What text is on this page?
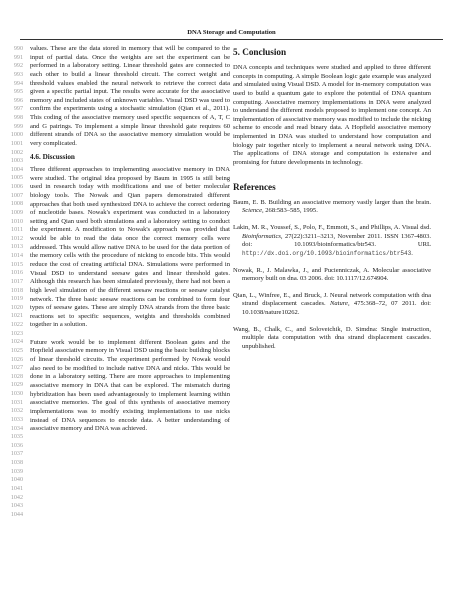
DNA Storage and Computation
990
991
992
993
994
995
996
997
998
999
1000
1001
1002
1003
1004
1005
1006
1007
1008
1009
1010
1011
1012
1013
1014
1015
1016
1017
1018
1019
1020
1021
1022
1023
1024
1025
1026
1027
1028
1029
1030
1031
1032
1033
1034
1035
1036
1037
1038
1039
1040
1041
1042
1043
1044

values. These are the data stored in memory that will be compared to the input of partial data. Once the weights are set the experiment can be performed in a laboratory setting. Linear threshold gates are connected to each other to build a linear threshold circuit. The correct weight and threshold values enabled the neural network to retrieve the correct data given a specific partial input. The results were accurate for the associative memory and included states of unknown variables. Visual DSD was used to confirm the experiments using a stochastic simulation (Qian et al., 2011). This coding of the associative memory used specific sequences of A, T, C and G pairings. To implement a simple linear threshold gate requires 60 different strands of DNA so the associative memory simulation would be very complicated.

4.6. Discussion

Three different approaches to implementing associative memory in DNA were studied. The original idea proposed by Baum in 1995 is still being used in research today with modifications and use of better molecular biology tools. The Nowak and Qian papers demonstrated different approaches that both used synthesized DNA to achieve the correct ordering of nucleotide bases. Nowak's experiment was conducted in a laboratory setting and Qian used both simulations and a laboratory setting to conduct the experiment. A modification to Nowak's approach was provided that would be able to read the data once the correct memory cells were addressed. This would allow native DNA to be used for the data portion of the memory cells with the procedure of nicking to encode bits. This would reduce the cost of creating artificial DNA. Simulations were performed in Visual DSD to understand seesaw gates and linear threshold gates. Although this research has been simulated previously, there had not been a high level simulation of the different seesaw reactions or seesaw catalyst network. The three basic seesaw reactions can be combined to form four types of seesaw gates. These are simply DNA strands from the three basic reactions set to specific sequences, weights and thresholds combined together in a solution.

Future work would be to implement different Boolean gates and the Hopfield associative memory in Visual DSD using the basic building blocks of linear threshold circuits. The experiment performed by Nowak would also need to be modified to include native DNA and nicks. This would be done in a laboratory setting. There are more approaches to implementing associative memory in DNA that can be explored. The mismatch during hybridization has been used advantageously to implement learning within associative memories. The goal of this synthesis of associative memory implementations was to modify existing implementations to use nicks instead of DNA sequences to encode data. A better understanding of associative memory and DNA was achieved.

5. Conclusion

DNA concepts and techniques were studied and applied to three different concepts in computing. A simple Boolean logic gate example was analyzed and simulated using Visual DSD. A model for in-memory computation was used to build a quantum gate to explore the potential of DNA quantum computing. Associative memory implementations in DNA were analyzed to understand the different models proposed to implement one concept. An implementation of associative memory was modified to include the nicking scheme to encode and read binary data. A Hopfield associative memory implemented in DNA was studied to understand how computation and biology pair together nicely to implement a neural network using DNA. The applications of DNA storage and computation is extensive and promising for future developments in technology.

References
Baum, E. B. Building an associative memory vastly larger than the brain. Science, 268:583–585, 1995.
Lakin, M. R., Youssef, S., Polo, F., Emmott, S., and Phillips, A. Visual dsd. Bioinformatics, 27(22):3211–3213, November 2011. ISSN 1367-4803. doi: 10.1093/bioinformatics/btr543. URL http://dx.doi.org/10.1093/bioinformatics/btr543.
Nowak, R., J. Malawka, J., and Pucienniczak, A. Molecular associative memory built on dna. 03 2006. doi: 10.1117/12.674904.
Qian, L., Winfree, E., and Bruck, J. Neural network computation with dna strand displacement cascades. Nature, 475:368–72, 07 2011. doi: 10.1038/nature10262.
Wang, B., Chalk, C., and Soloveichik, D. Simdna: Single instruction, multiple data computation with dna strand displacement cascades. unpublished.
